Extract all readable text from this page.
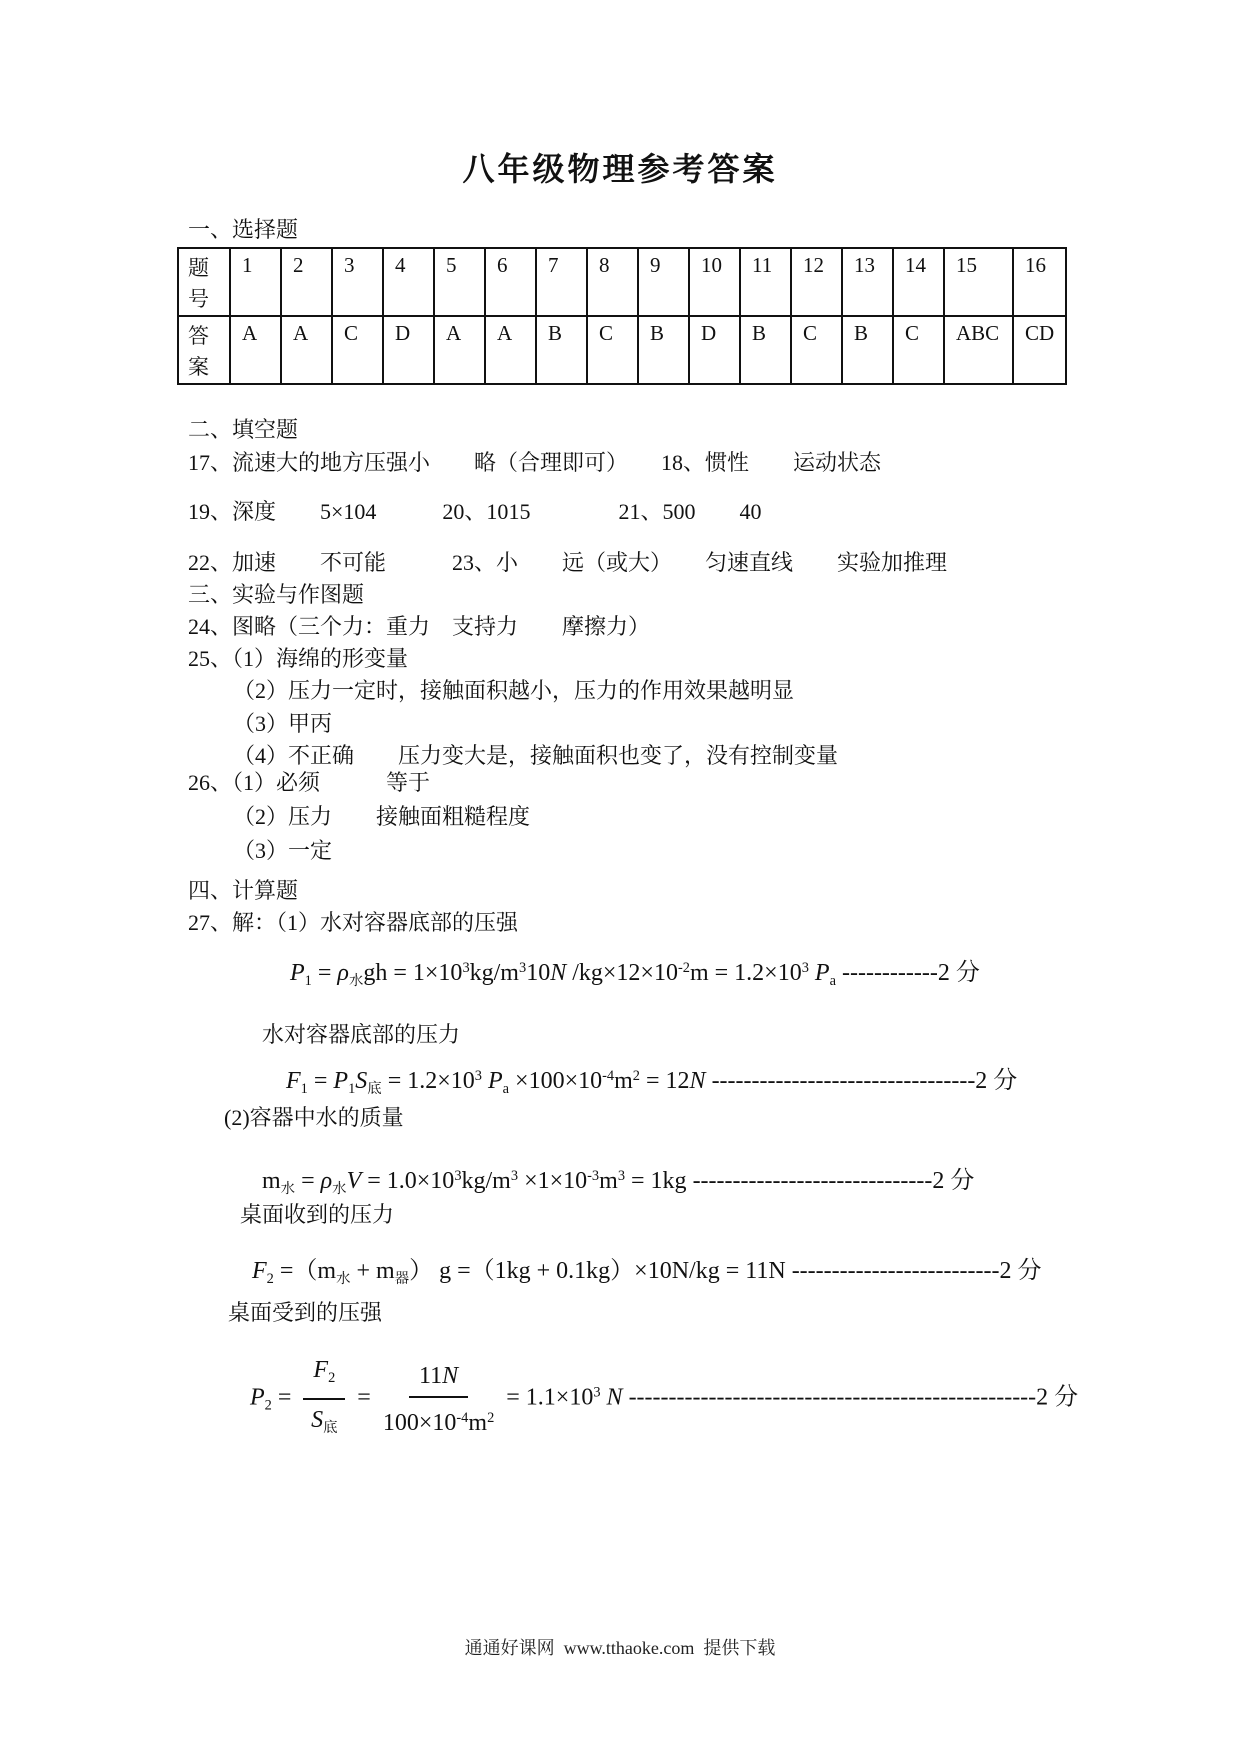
八年级物理参考答案
一、选择题
题号	1	2	3	4	5	6	7	8	9	10	11	12	13	14	15	16
答案	A	A	C	D	A	A	B	C	B	D	B	C	B	C	ABC	CD
二、填空题
17、流速大的地方压强小　　略（合理即可）　　18、惯性　　运动状态
19、深度　　5×104　　　20、1015　　　　21、500　　40
22、加速　　不可能　　　23、小　　远（或大）　　匀速直线　　实验加推理
三、实验与作图题
24、图略（三个力：重力　支持力　　摩擦力）
25、（1）海绵的形变量
（2）压力一定时，接触面积越小，压力的作用效果越明显
（3）甲丙
（4）不正确　　压力变大是，接触面积也变了，没有控制变量
26、（1）必须　　　等于
（2）压力　　接触面粗糙程度
（3）一定
四、计算题
27、解：（1）水对容器底部的压强
$P_1 = \rho_水gh = 1\times 10^3kg/m^310N$ $/kg\times 12\times 10^{-2}m = 1.2\times 10^3$ $P_a$ ------------2 分
水对容器底部的压力
$F_1 = P_1S_底 = 1.2\times 10^3$ $P_a \times 100\times 10^{-4}m^2 = 12N$ ---------------------------------2 分
(2)容器中水的质量
$m_水 = \rho_水V = 1.0\times 10^3kg/m^3 \times 1\times 10^{-3}m^3 = 1kg$ ------------------------------2 分
桌面收到的压力
$F_2 =(m_水 + m_器)$ g =（1kg + 0.1kg）×10N/kg = 11N --------------------------2 分
桌面受到的压强
$P_2 = \frac{F_2}{S_底} = \frac{11N}{100\times 10^{-4}m^2} = 1.1\times 10^3$ N ---------------------------------------------------2 分
通通好课网  www.tthaoke.com  提供下载
